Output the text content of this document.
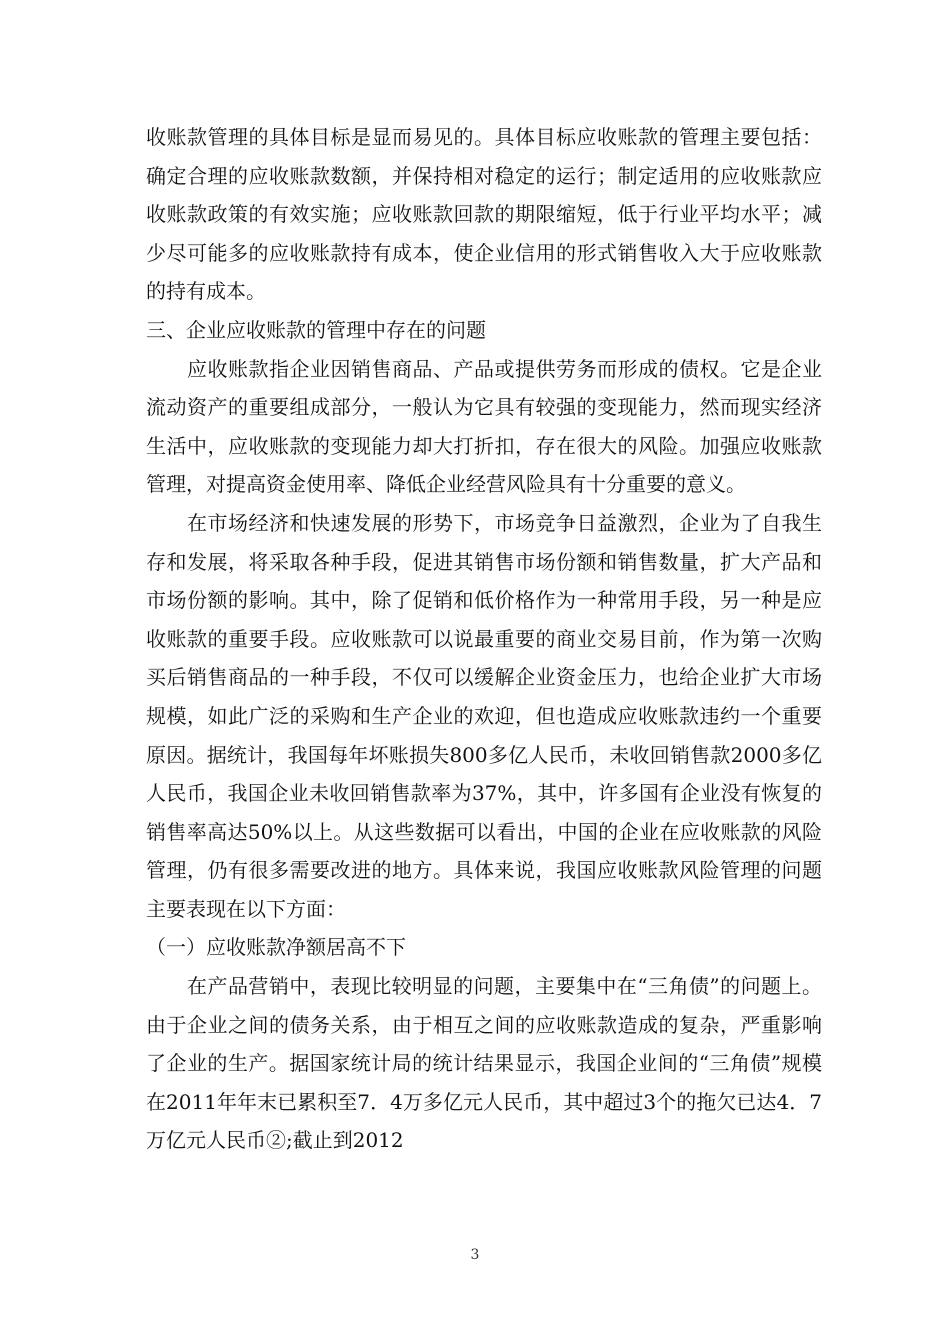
收账款管理的具体目标是显而易见的。具体目标应收账款的管理主要包括：确定合理的应收账款数额，并保持相对稳定的运行；制定适用的应收账款应收账款政策的有效实施；应收账款回款的期限缩短，低于行业平均水平；减少尽可能多的应收账款持有成本，使企业信用的形式销售收入大于应收账款的持有成本。

三、企业应收账款的管理中存在的问题

应收账款指企业因销售商品、产品或提供劳务而形成的债权。它是企业流动资产的重要组成部分，一般认为它具有较强的变现能力，然而现实经济生活中，应收账款的变现能力却大打折扣，存在很大的风险。加强应收账款管理，对提高资金使用率、降低企业经营风险具有十分重要的意义。

在市场经济和快速发展的形势下，市场竞争日益激烈，企业为了自我生存和发展，将采取各种手段，促进其销售市场份额和销售数量，扩大产品和市场份额的影响。其中，除了促销和低价格作为一种常用手段，另一种是应收账款的重要手段。应收账款可以说最重要的商业交易目前，作为第一次购买后销售商品的一种手段，不仅可以缓解企业资金压力，也给企业扩大市场规模，如此广泛的采购和生产企业的欢迎，但也造成应收账款违约一个重要原因。据统计，我国每年坏账损失800多亿人民币，未收回销售款2000多亿人民币，我国企业未收回销售款率为37%，其中，许多国有企业没有恢复的销售率高达50%以上。从这些数据可以看出，中国的企业在应收账款的风险管理，仍有很多需要改进的地方。具体来说，我国应收账款风险管理的问题主要表现在以下方面：

（一）应收账款净额居高不下

在产品营销中，表现比较明显的问题，主要集中在“三角债”的问题上。由于企业之间的债务关系，由于相互之间的应收账款造成的复杂，严重影响了企业的生产。据国家统计局的统计结果显示，我国企业间的“三角债”规模在2011年年末已累积至7．4万多亿元人民币，其中超过3个的拖欠已达4．7万亿元人民币②;截止到2012

3
